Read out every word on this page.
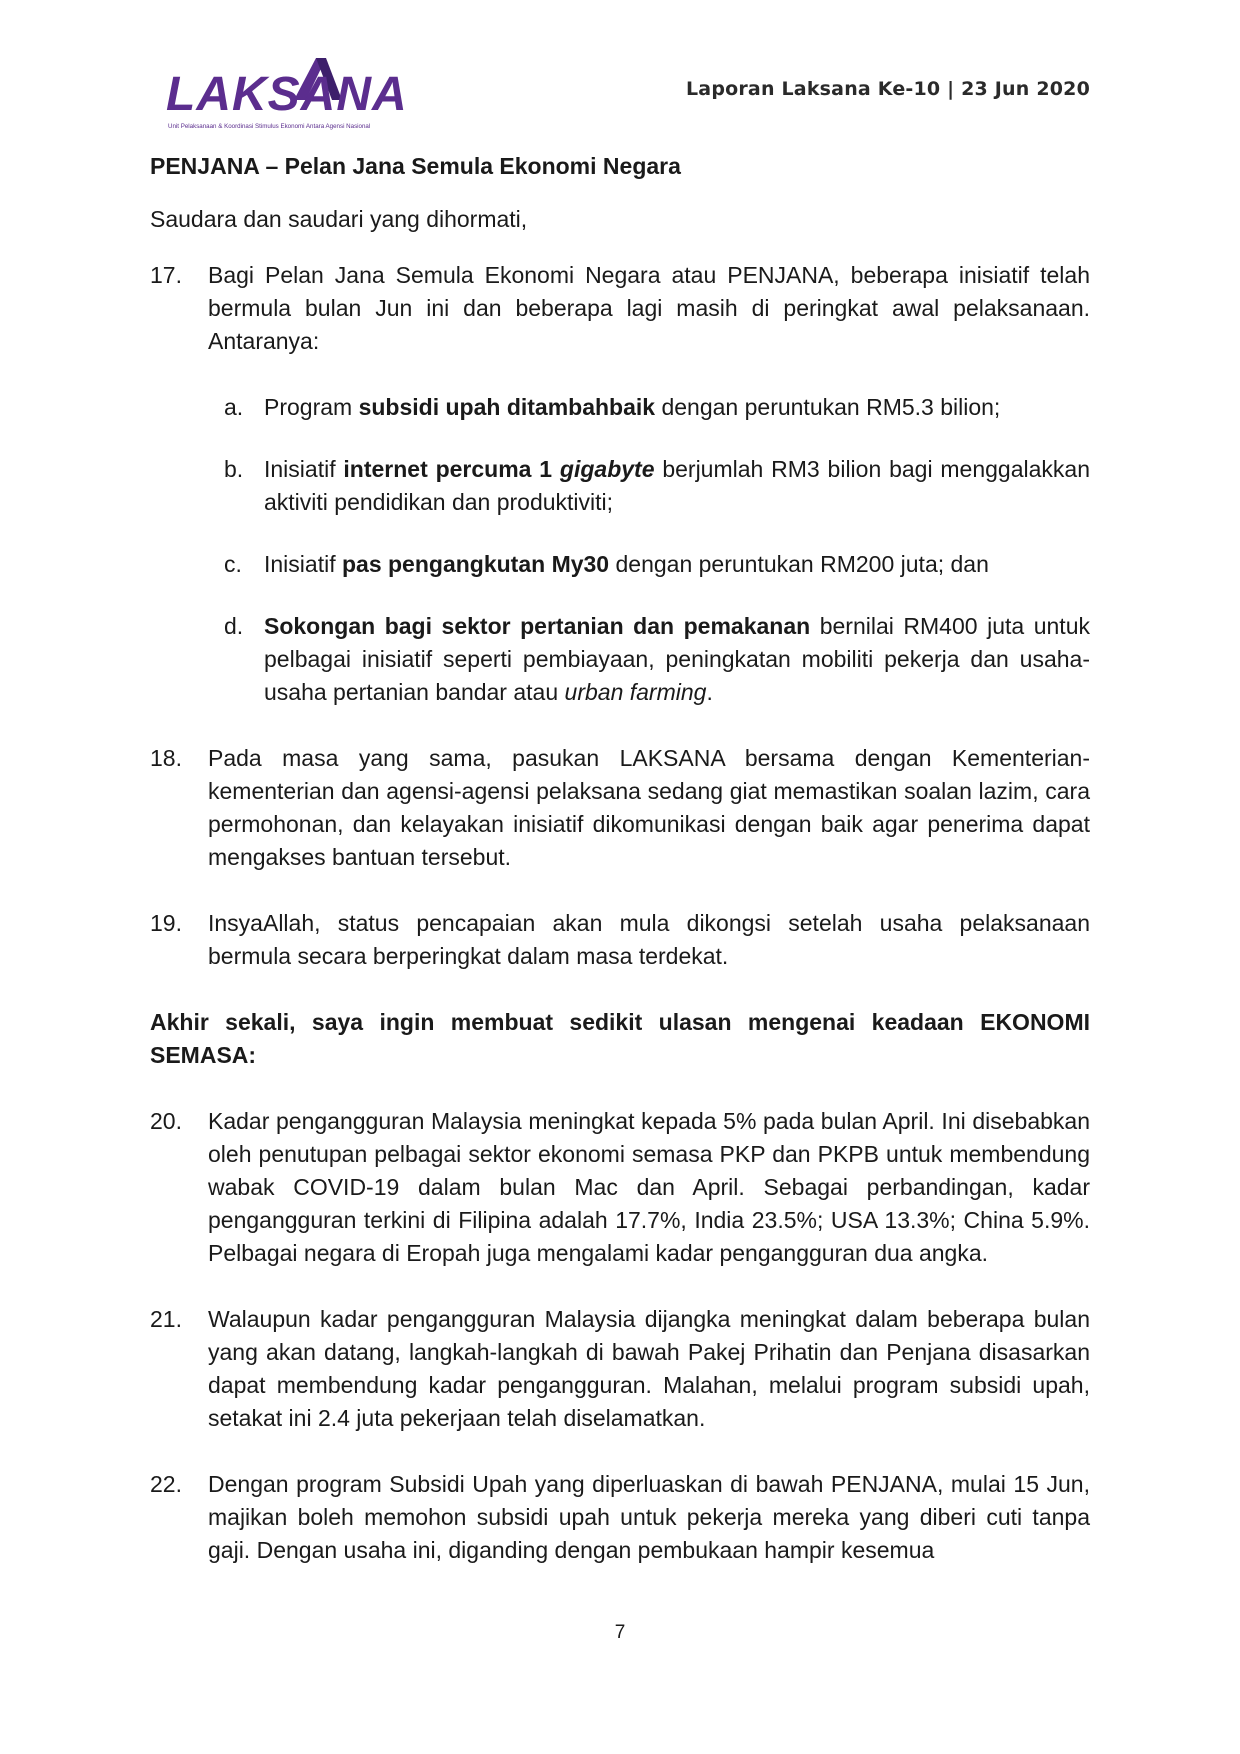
LAKSANA
Unit Pelaksanaan & Koordinasi Stimulus Ekonomi Antara Agensi Nasional
Laporan Laksana Ke-10 | 23 Jun 2020

PENJANA – Pelan Jana Semula Ekonomi Negara

Saudara dan saudari yang dihormati,

17. Bagi Pelan Jana Semula Ekonomi Negara atau PENJANA, beberapa inisiatif telah bermula bulan Jun ini dan beberapa lagi masih di peringkat awal pelaksanaan. Antaranya:
a. Program subsidi upah ditambahbaik dengan peruntukan RM5.3 bilion;
b. Inisiatif internet percuma 1 gigabyte berjumlah RM3 bilion bagi menggalakkan aktiviti pendidikan dan produktiviti;
c. Inisiatif pas pengangkutan My30 dengan peruntukan RM200 juta; dan
d. Sokongan bagi sektor pertanian dan pemakanan bernilai RM400 juta untuk pelbagai inisiatif seperti pembiayaan, peningkatan mobiliti pekerja dan usaha-usaha pertanian bandar atau urban farming.
18. Pada masa yang sama, pasukan LAKSANA bersama dengan Kementerian-kementerian dan agensi-agensi pelaksana sedang giat memastikan soalan lazim, cara permohonan, dan kelayakan inisiatif dikomunikasi dengan baik agar penerima dapat mengakses bantuan tersebut.
19. InsyaAllah, status pencapaian akan mula dikongsi setelah usaha pelaksanaan bermula secara berperingkat dalam masa terdekat.

Akhir sekali, saya ingin membuat sedikit ulasan mengenai keadaan EKONOMI SEMASA:

20. Kadar pengangguran Malaysia meningkat kepada 5% pada bulan April. Ini disebabkan oleh penutupan pelbagai sektor ekonomi semasa PKP dan PKPB untuk membendung wabak COVID-19 dalam bulan Mac dan April. Sebagai perbandingan, kadar pengangguran terkini di Filipina adalah 17.7%, India 23.5%; USA 13.3%; China 5.9%. Pelbagai negara di Eropah juga mengalami kadar pengangguran dua angka.
21. Walaupun kadar pengangguran Malaysia dijangka meningkat dalam beberapa bulan yang akan datang, langkah-langkah di bawah Pakej Prihatin dan Penjana disasarkan dapat membendung kadar pengangguran. Malahan, melalui program subsidi upah, setakat ini 2.4 juta pekerjaan telah diselamatkan.
22. Dengan program Subsidi Upah yang diperluaskan di bawah PENJANA, mulai 15 Jun, majikan boleh memohon subsidi upah untuk pekerja mereka yang diberi cuti tanpa gaji. Dengan usaha ini, diganding dengan pembukaan hampir kesemua
7
